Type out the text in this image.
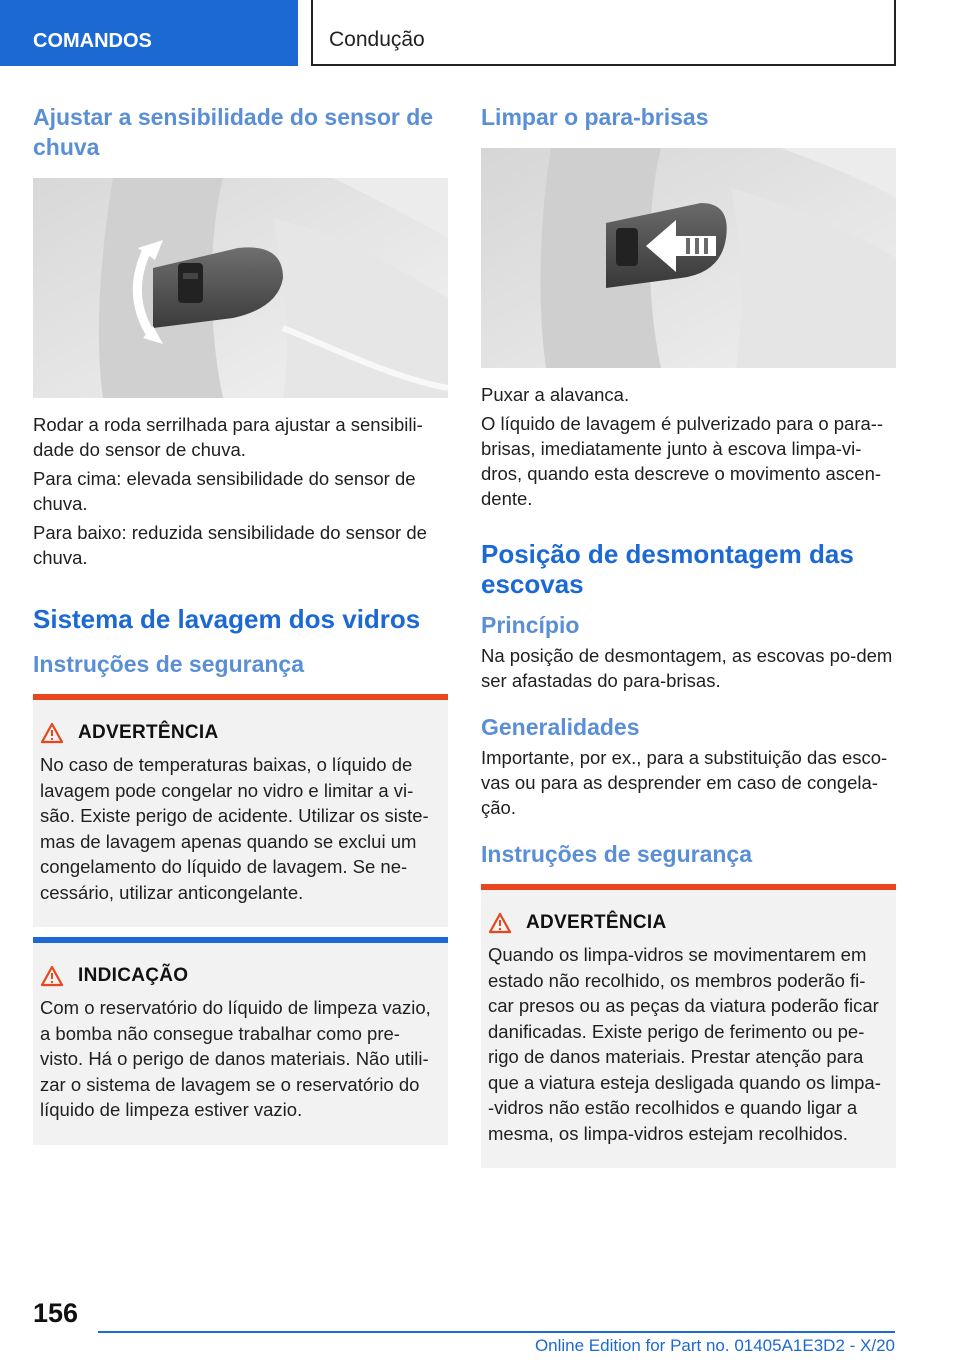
COMANDOS	Condução
Ajustar a sensibilidade do sensor de chuva

Rodar a roda serrilhada para ajustar a sensibili-dade do sensor de chuva.

Para cima: elevada sensibilidade do sensor de chuva.

Para baixo: reduzida sensibilidade do sensor de chuva.

Sistema de lavagem dos vidros
Instruções de segurança
ADVERTÊNCIA

No caso de temperaturas baixas, o líquido de lavagem pode congelar no vidro e limitar a vi-são. Existe perigo de acidente. Utilizar os siste-mas de lavagem apenas quando se exclui um congelamento do líquido de lavagem. Se ne-cessário, utilizar anticongelante.

INDICAÇÃO

Com o reservatório do líquido de limpeza vazio, a bomba não consegue trabalhar como pre-visto. Há o perigo de danos materiais. Não utili-zar o sistema de lavagem se o reservatório do líquido de limpeza estiver vazio.

Limpar o para-brisas

Puxar a alavanca.

O líquido de lavagem é pulverizado para o para--brisas, imediatamente junto à escova limpa-vi-dros, quando esta descreve o movimento ascen-dente.

Posição de desmontagem das escovas
Princípio

Na posição de desmontagem, as escovas po-dem ser afastadas do para-brisas.

Generalidades

Importante, por ex., para a substituição das esco-vas ou para as desprender em caso de congela-ção.

Instruções de segurança
ADVERTÊNCIA

Quando os limpa-vidros se movimentarem em estado não recolhido, os membros poderão fi-car presos ou as peças da viatura poderão ficar danificadas. Existe perigo de ferimento ou pe-rigo de danos materiais. Prestar atenção para que a viatura esteja desligada quando os limpa--vidros não estão recolhidos e quando ligar a mesma, os limpa-vidros estejam recolhidos.

156
Online Edition for Part no. 01405A1E3D2 - X/20
